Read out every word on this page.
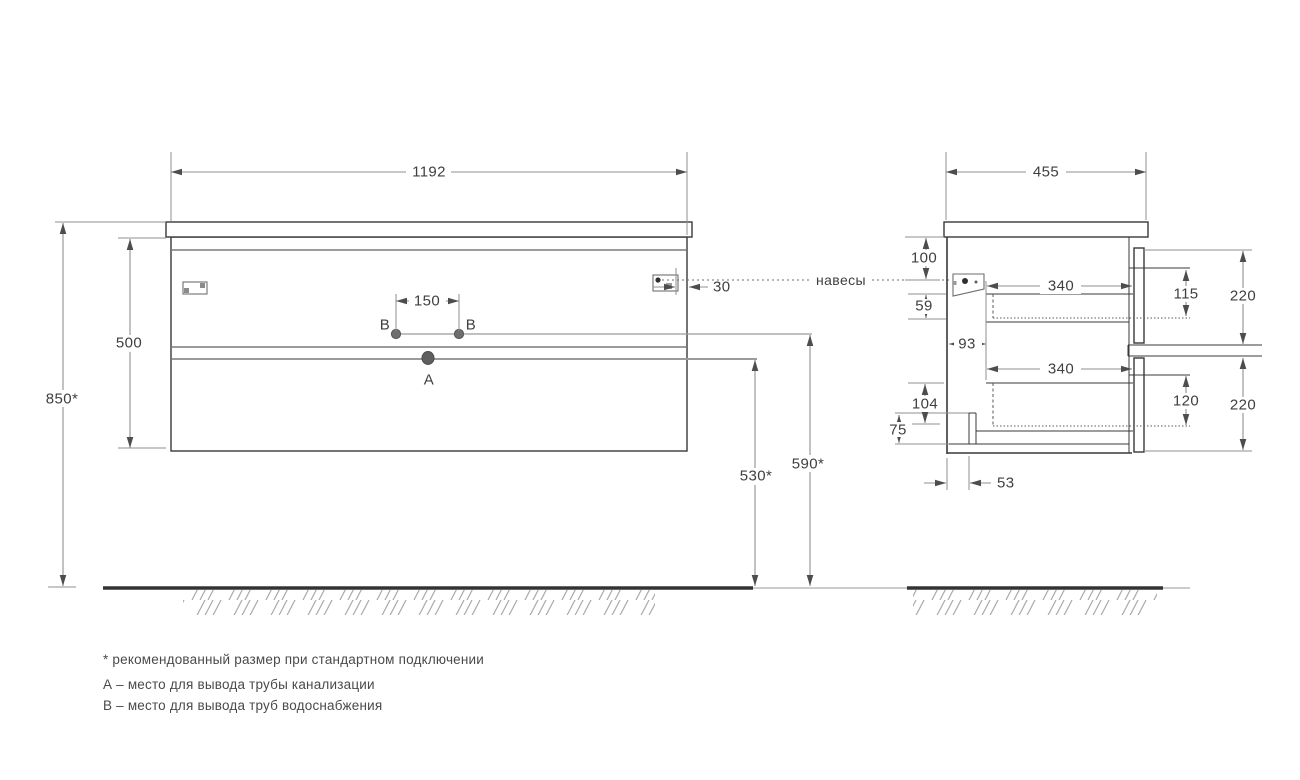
В	В
А
1192
500
850*
150
30
590*
530*
навесы
455
100
59
93
340
340
104
75
53
115 220
120 220
* рекомендованный размер при стандартном подключении
А – место для вывода трубы канализации
В – место для вывода труб водоснабжения
